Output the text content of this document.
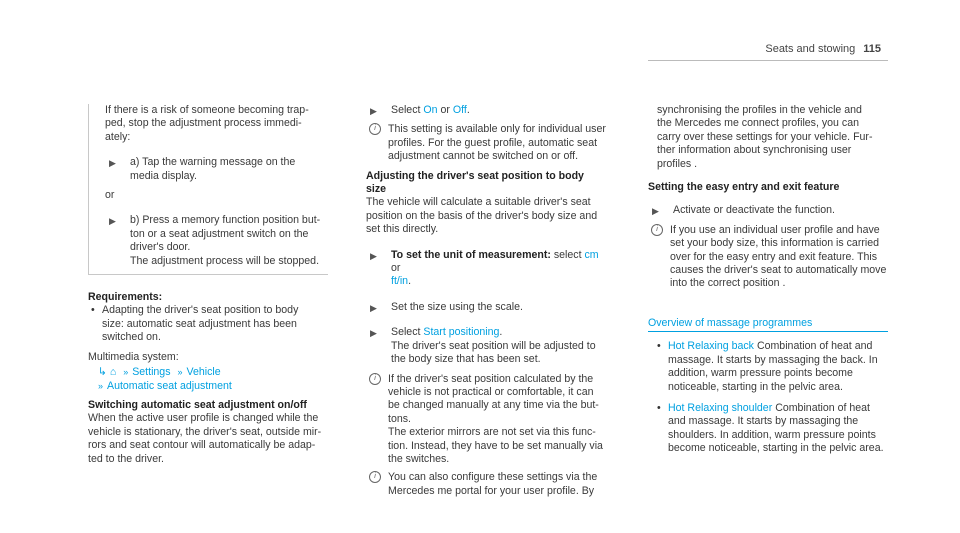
Seats and stowing 115
If there is a risk of someone becoming trap-
ped, stop the adjustment process immedi-
ately:
▶ a) Tap the warning message on the
media display.
or
▶ b) Press a memory function position but-
ton or a seat adjustment switch on the
driver's door.
The adjustment process will be stopped.
Requirements:
• Adapting the driver's seat position to body
size: automatic seat adjustment has been
switched on.
Multimedia system:
↳ ⌂ » Settings » Vehicle
» Automatic seat adjustment
Switching automatic seat adjustment on/off
When the active user profile is changed while the
vehicle is stationary, the driver's seat, outside mir-
rors and seat contour will automatically be adap-
ted to the driver.
▶ Select On or Off.
i	This setting is available only for individual user
profiles. For the guest profile, automatic seat
adjustment cannot be switched on or off.
Adjusting the driver's seat position to body size
The vehicle will calculate a suitable driver's seat
position on the basis of the driver's body size and
set this directly.
▶ To set the unit of measurement: select cm or
ft/in.
▶ Set the size using the scale.
▶ Select Start positioning.
The driver's seat position will be adjusted to
the body size that has been set.
i	If the driver's seat position calculated by the
vehicle is not practical or comfortable, it can
be changed manually at any time via the but-
tons.
The exterior mirrors are not set via this func-
tion. Instead, they have to be set manually via
the switches.
i	You can also configure these settings via the
Mercedes me portal for your user profile. By
synchronising the profiles in the vehicle and
the Mercedes me connect profiles, you can
carry over these settings for your vehicle. Fur-
ther information about synchronising user
profiles .
Setting the easy entry and exit feature
▶ Activate or deactivate the function.
i	If you use an individual user profile and have
set your body size, this information is carried
over for the easy entry and exit feature. This
causes the driver's seat to automatically move
into the correct position .
Overview of massage programmes
• Hot Relaxing back Combination of heat and
massage. It starts by massaging the back. In
addition, warm pressure points become
noticeable, starting in the pelvic area.
• Hot Relaxing shoulder Combination of heat
and massage. It starts by massaging the
shoulders. In addition, warm pressure points
become noticeable, starting in the pelvic area.
